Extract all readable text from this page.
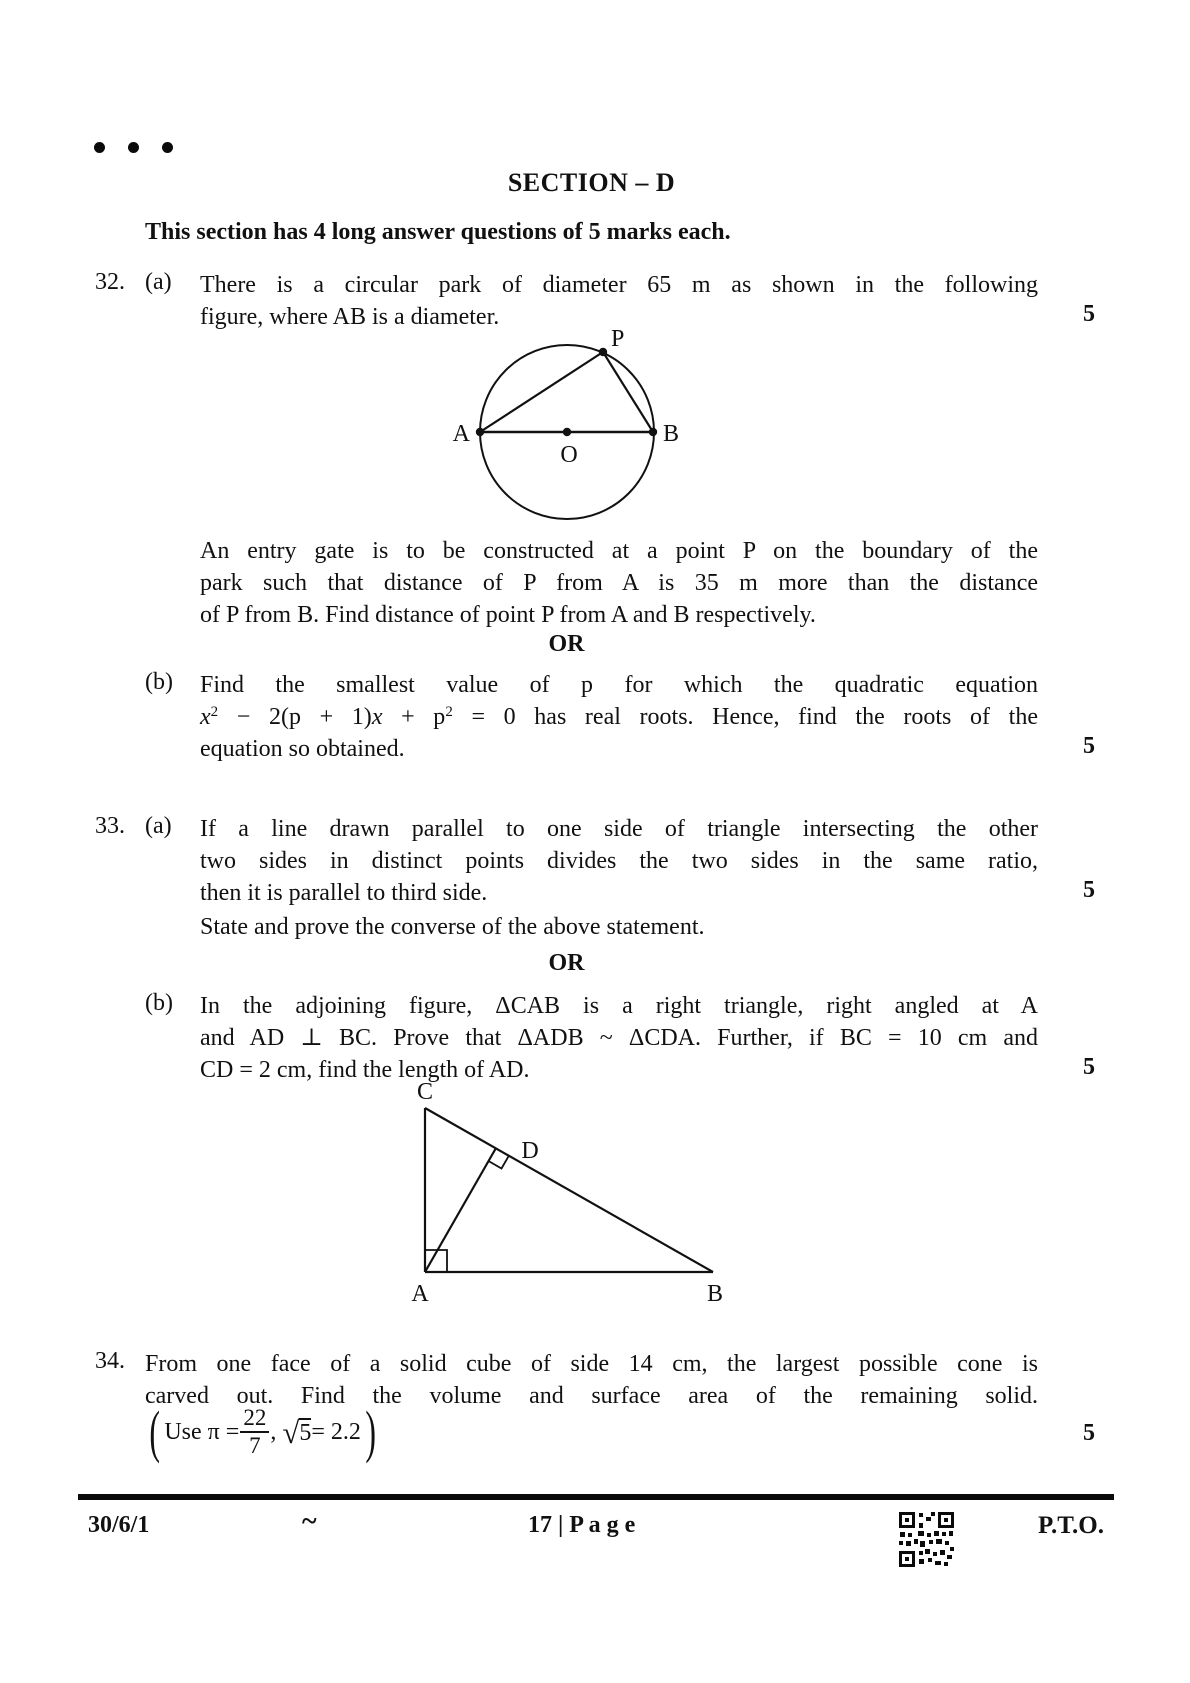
SECTION – D
This section has 4 long answer questions of 5 marks each.
32. (a) There is a circular park of diameter 65 m as shown in the following
figure, where AB is a diameter.	5
A	B
O
P
An entry gate is to be constructed at a point P on the boundary of the
park such that distance of P from A is 35 m more than the distance
of P from B. Find distance of point P from A and B respectively.
OR
(b) Find the smallest value of p for which the quadratic equation
$x^2 - 2(p + 1)x + p^2 = 0$ has real roots. Hence, find the roots of the
equation so obtained.	5
33. (a) If a line drawn parallel to one side of triangle intersecting the other
two sides in distinct points divides the two sides in the same ratio,
then it is parallel to third side.	5
State and prove the converse of the above statement.
OR
(b) In the adjoining figure, ΔCAB is a right triangle, right angled at A
and AD ⊥ BC. Prove that ΔADB ~ ΔCDA. Further, if BC = 10 cm and
CD = 2 cm, find the length of AD.	5
C
D
A	B
34. From one face of a solid cube of side 14 cm, the largest possible cone is
carved out. Find the volume and surface area of the remaining solid.
( Use $\pi = \frac{22}{7}$ , √ 5 = 2.2 )	5
30/6/1	~	17 | P a g e	P.T.O.
